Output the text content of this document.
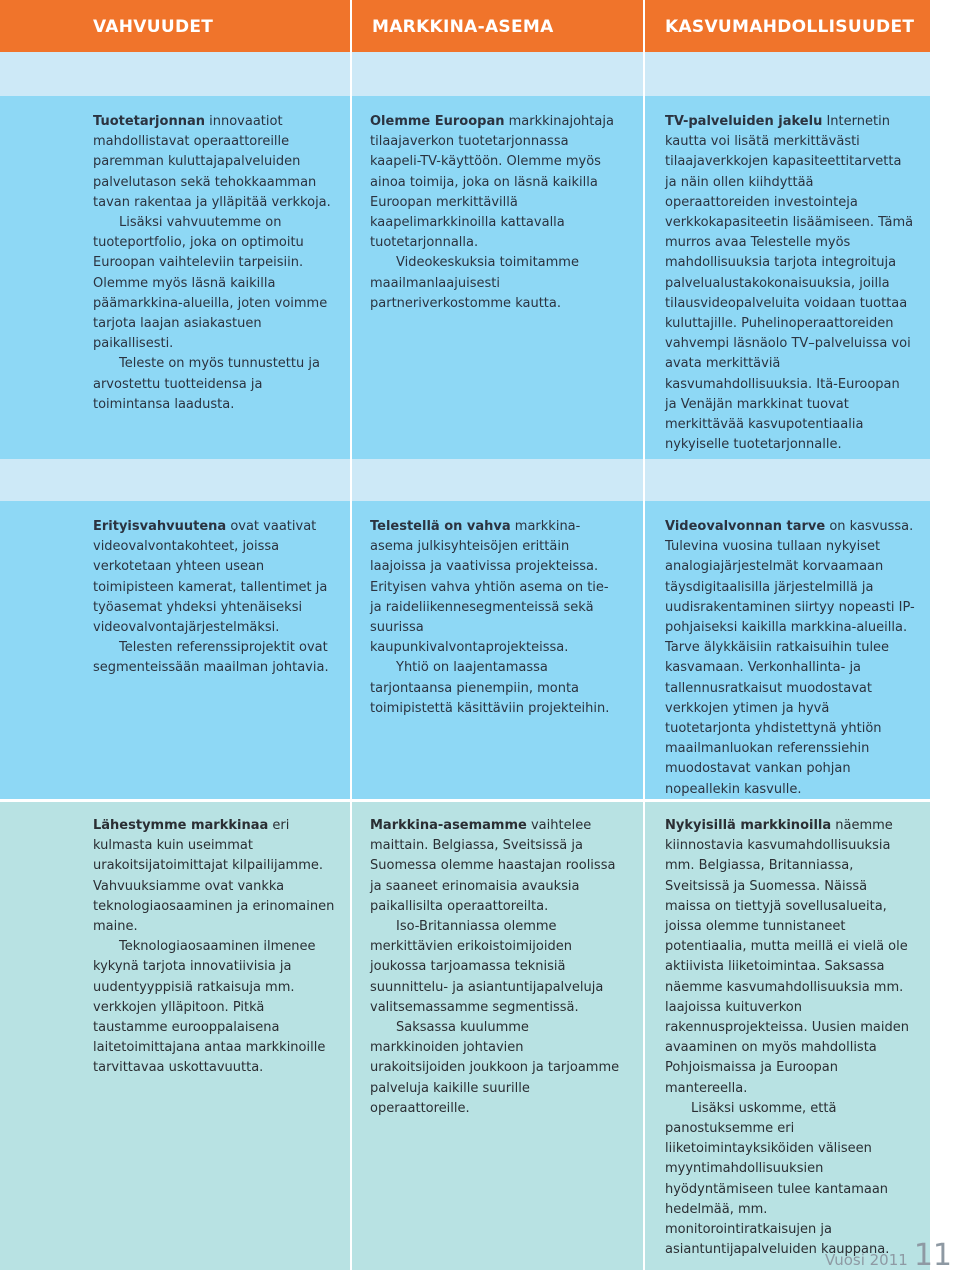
VAHVUUDET	MARKKINA-ASEMA	KASVUMAHDOLLISUUDET

Tuotetarjonnan innovaatiot mahdollistavat operaattoreille paremman kuluttajapalveluiden palvelutason sekä tehokkaamman tavan rakentaa ja ylläpitää verkkoja.

Lisäksi vahvuutemme on tuoteportfolio, joka on optimoitu Euroopan vaihteleviin tarpeisiin. Olemme myös läsnä kaikilla päämarkkina-alueilla, joten voimme tarjota laajan asiakastuen paikallisesti.

Teleste on myös tunnustettu ja arvostettu tuotteidensa ja toimintansa laadusta.

Olemme Euroopan markkinajohtaja tilaajaverkon tuotetarjonnassa kaapeli-TV-käyttöön. Olemme myös ainoa toimija, joka on läsnä kaikilla Euroopan merkittävillä kaapelimarkkinoilla kattavalla tuotetarjonnalla.

Videokeskuksia toimitamme maailmanlaajuisesti partneriverkostomme kautta.

TV-palveluiden jakelu Internetin kautta voi lisätä merkittävästi tilaajaverkkojen kapasiteettitarvetta ja näin ollen kiihdyttää operaattoreiden investointeja verkkokapasiteetin lisäämiseen. Tämä murros avaa Telestelle myös mahdollisuuksia tarjota integroituja palvelualustakokonaisuuksia, joilla tilausvideopalveluita voidaan tuottaa kuluttajille. Puhelinoperaattoreiden vahvempi läsnäolo TV–palveluissa voi avata merkittäviä kasvumahdollisuuksia. Itä-Euroopan ja Venäjän markkinat tuovat merkittävää kasvupotentiaalia nykyiselle tuotetarjonnalle.

Erityisvahvuutena ovat vaativat videovalvontakohteet, joissa verkotetaan yhteen usean toimipisteen kamerat, tallentimet ja työasemat yhdeksi yhtenäiseksi videovalvontajärjestelmäksi.

Telesten referenssiprojektit ovat segmenteissään maailman johtavia.

Telestellä on vahva markkina-asema julkisyhteisöjen erittäin laajoissa ja vaativissa projekteissa. Erityisen vahva yhtiön asema on tie- ja raideliikennesegmenteissä sekä suurissa kaupunkivalvontaprojekteissa.

Yhtiö on laajentamassa tarjontaansa pienempiin, monta toimipistettä käsittäviin projekteihin.

Videovalvonnan tarve on kasvussa. Tulevina vuosina tullaan nykyiset analogiajärjestelmät korvaamaan täysdigitaalisilla järjestelmillä ja uudisrakentaminen siirtyy nopeasti IP-pohjaiseksi kaikilla markkina-alueilla. Tarve älykkäisiin ratkaisuihin tulee kasvamaan. Verkonhallinta- ja tallennusratkaisut muodostavat verkkojen ytimen ja hyvä tuotetarjonta yhdistettynä yhtiön maailmanluokan referenssiehin muodostavat vankan pohjan nopeallekin kasvulle.

Lähestymme markkinaa eri kulmasta kuin useimmat urakoitsijatoimittajat kilpailijamme. Vahvuuksiamme ovat vankka teknologiaosaaminen ja erinomainen maine.

Teknologiaosaaminen ilmenee kykynä tarjota innovatiivisia ja uudentyyppisiä ratkaisuja mm. verkkojen ylläpitoon. Pitkä taustamme eurooppalaisena laitetoimittajana antaa markkinoille tarvittavaa uskottavuutta.

Markkina-asemamme vaihtelee maittain. Belgiassa, Sveitsissä ja Suomessa olemme haastajan roolissa ja saaneet erinomaisia avauksia paikallisilta operaattoreilta.

Iso-Britanniassa olemme merkittävien erikoistoimijoiden joukossa tarjoamassa teknisiä suunnittelu- ja asiantuntijapalveluja valitsemassamme segmentissä.

Saksassa kuulumme markkinoiden johtavien urakoitsijoiden joukkoon ja tarjoamme palveluja kaikille suurille operaattoreille.

Nykyisillä markkinoilla näemme kiinnostavia kasvumahdollisuuksia mm. Belgiassa, Britanniassa, Sveitsissä ja Suomessa. Näissä maissa on tiettyjä sovellusalueita, joissa olemme tunnistaneet potentiaalia, mutta meillä ei vielä ole aktiivista liiketoimintaa. Saksassa näemme kasvumahdollisuuksia mm. laajoissa kuituverkon rakennusprojekteissa. Uusien maiden avaaminen on myös mahdollista Pohjoismaissa ja Euroopan mantereella.

Lisäksi uskomme, että panostuksemme eri liiketoimintayksiköiden väliseen myyntimahdollisuuksien hyödyntämiseen tulee kantamaan hedelmää, mm. monitorointiratkaisujen ja asiantuntijapalveluiden kauppana.

Vuosi 2011 11
